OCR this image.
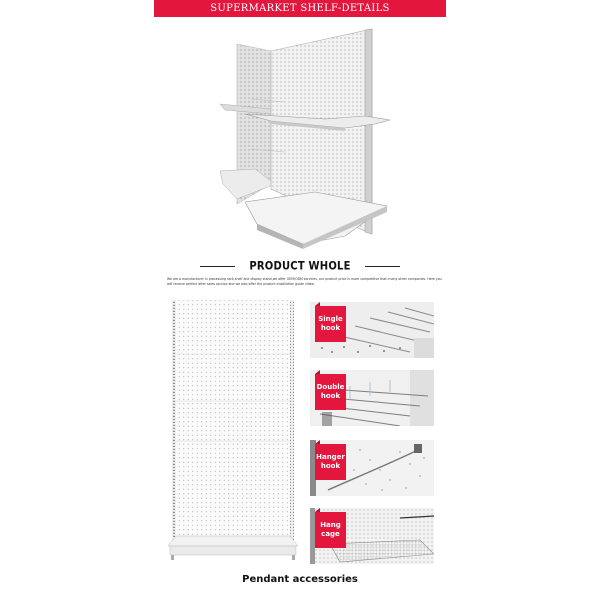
SUPERMARKET SHELF-DETAILS
PRODUCT WHOLE

We are a manufacturer in processing rack,shelf and display stand,we offer OEM/ODM services, our product price is more competitive than many other companies. Here you will receive perfect after sales service and we also offer the product installation guide video.

Single
hook
Double
hook
Hanger
hook
Hang
cage
Pendant accessories
